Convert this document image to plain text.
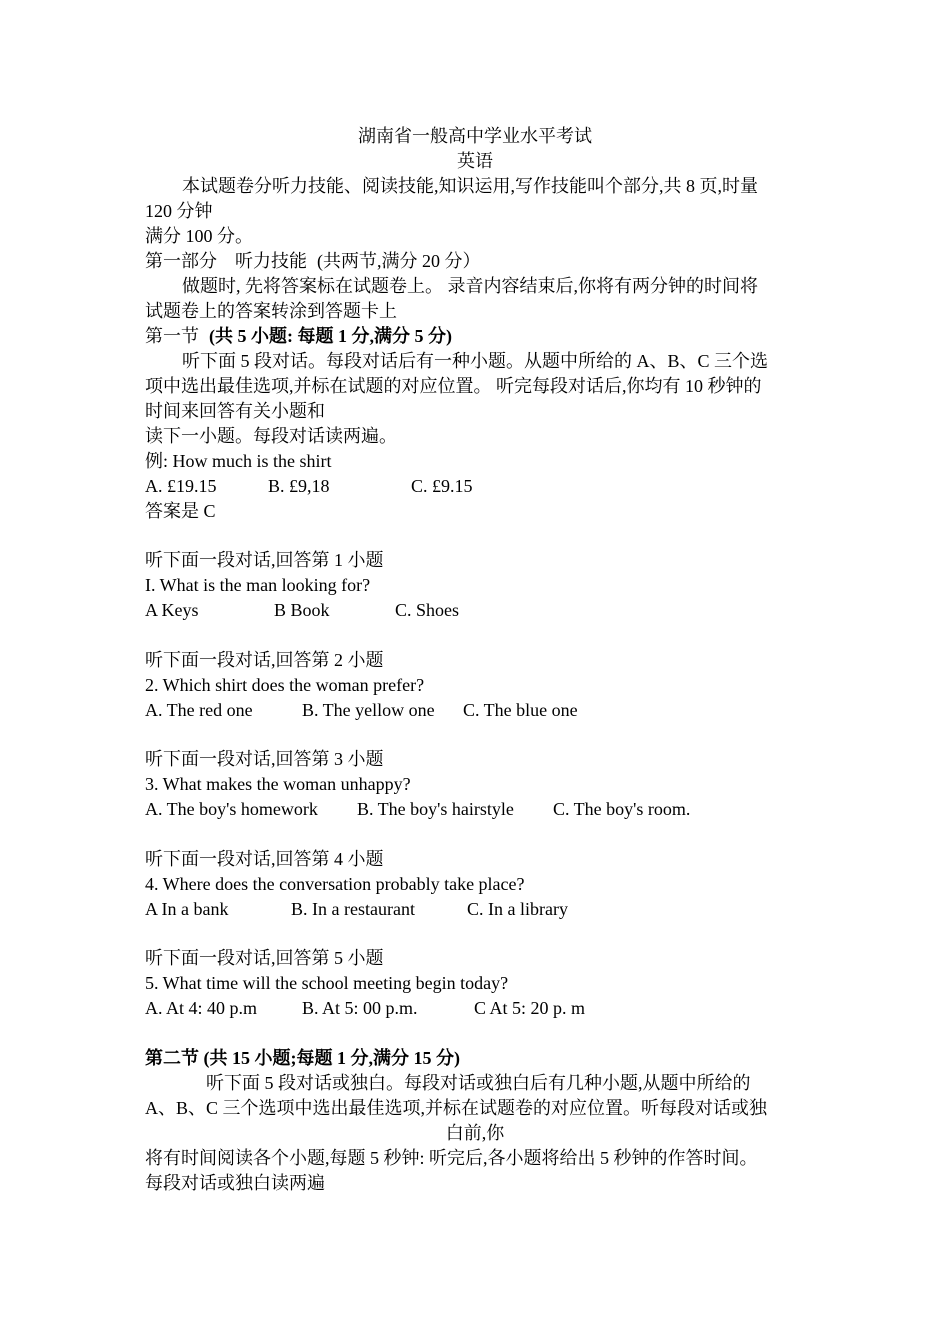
湖南省一般高中学业水平考试
英语
本试题卷分听力技能、阅读技能,知识运用,写作技能叫个部分,共 8 页,时量
120 分钟
满分 100 分。
第一部分　听力技能 (共两节,满分 20 分）
做题时, 先将答案标在试题卷上。 录音内容结束后,你将有两分钟的时间将
试题卷上的答案转涂到答题卡上
第一节 (共 5 小题: 每题 1 分,满分 5 分)
听下面 5 段对话。每段对话后有一种小题。从题中所给的 A、B、C 三个选
项中选出最佳选项,并标在试题的对应位置。 听完每段对话后,你均有 10 秒钟的
时间来回答有关小题和
读下一小题。每段对话读两遍。
例: How much is the shirt
A. £19.15	B. £9,18	C. £9.15
答案是 C
听下面一段对话,回答第 1 小题
I. What is the man looking for?
A Keys	B Book	C. Shoes
听下面一段对话,回答第 2 小题
2. Which shirt does the woman prefer?
A. The red one	B. The yellow one C. The blue one
听下面一段对话,回答第 3 小题
3. What makes the woman unhappy?
A. The boy's homework B. The boy's hairstyle C. The boy's room.
听下面一段对话,回答第 4 小题
4. Where does the conversation probably take place?
A In a bank	B. In a restaurant	C. In a library
听下面一段对话,回答第 5 小题
5. What time will the school meeting begin today?
A. At 4: 40 p.m B. At 5: 00 p.m.	C At 5: 20 p. m
第二节 (共 15 小题;每题 1 分,满分 15 分)
听下面 5 段对话或独白。每段对话或独白后有几种小题,从题中所给的
A、B、C 三个选项中选出最佳选项,并标在试题卷的对应位置。听每段对话或独
白前,你
将有时间阅读各个小题,每题 5 秒钟: 听完后,各小题将给出 5 秒钟的作答时间。
每段对话或独白读两遍
